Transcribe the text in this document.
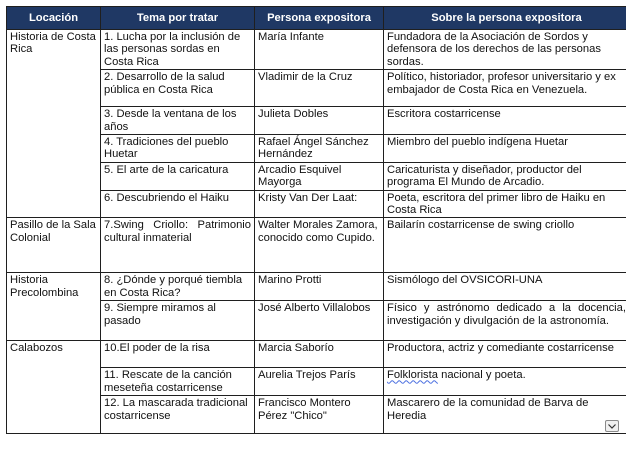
Locación	Tema por tratar	Persona expositora	Sobre la persona expositora
Historia de Costa Rica	1. Lucha por la inclusión de las personas sordas en Costa Rica	María Infante	Fundadora de la Asociación de Sordos y defensora de los derechos de las personas sordas.
	2. Desarrollo de la salud pública en Costa Rica	Vladimir de la Cruz	Político, historiador, profesor universitario y ex embajador de Costa Rica en Venezuela.
	3. Desde la ventana de los años	Julieta Dobles	Escritora costarricense
	4. Tradiciones del pueblo Huetar	Rafael Ángel Sánchez Hernández	Miembro del pueblo indígena Huetar
	5. El arte de la caricatura	Arcadio Esquivel Mayorga	Caricaturista y diseñador, productor del programa El Mundo de Arcadio.
	6. Descubriendo el Haiku	Kristy Van Der Laat:	Poeta, escritora del primer libro de Haiku en Costa Rica
Pasillo de la Sala Colonial	7.Swing Criollo: Patrimonio cultural inmaterial	Walter Morales Zamora, conocido como Cupido.	Bailarín costarricense de swing criollo
Historia Precolombina	8. ¿Dónde y porqué tiembla en Costa Rica?	Marino Protti	Sismólogo del OVSICORI-UNA
	9. Siempre miramos al pasado	José Alberto Villalobos	Físico y astrónomo dedicado a la docencia, investigación y divulgación de la astronomía.
Calabozos	10.El poder de la risa	Marcia Saborío	Productora, actriz y comediante costarricense
	11. Rescate de la canción meseteña costarricense	Aurelia Trejos París	Folklorista nacional y poeta.
	12. La mascarada tradicional costarricense	Francisco Montero Pérez "Chico"	Mascarero de la comunidad de Barva de Heredia
